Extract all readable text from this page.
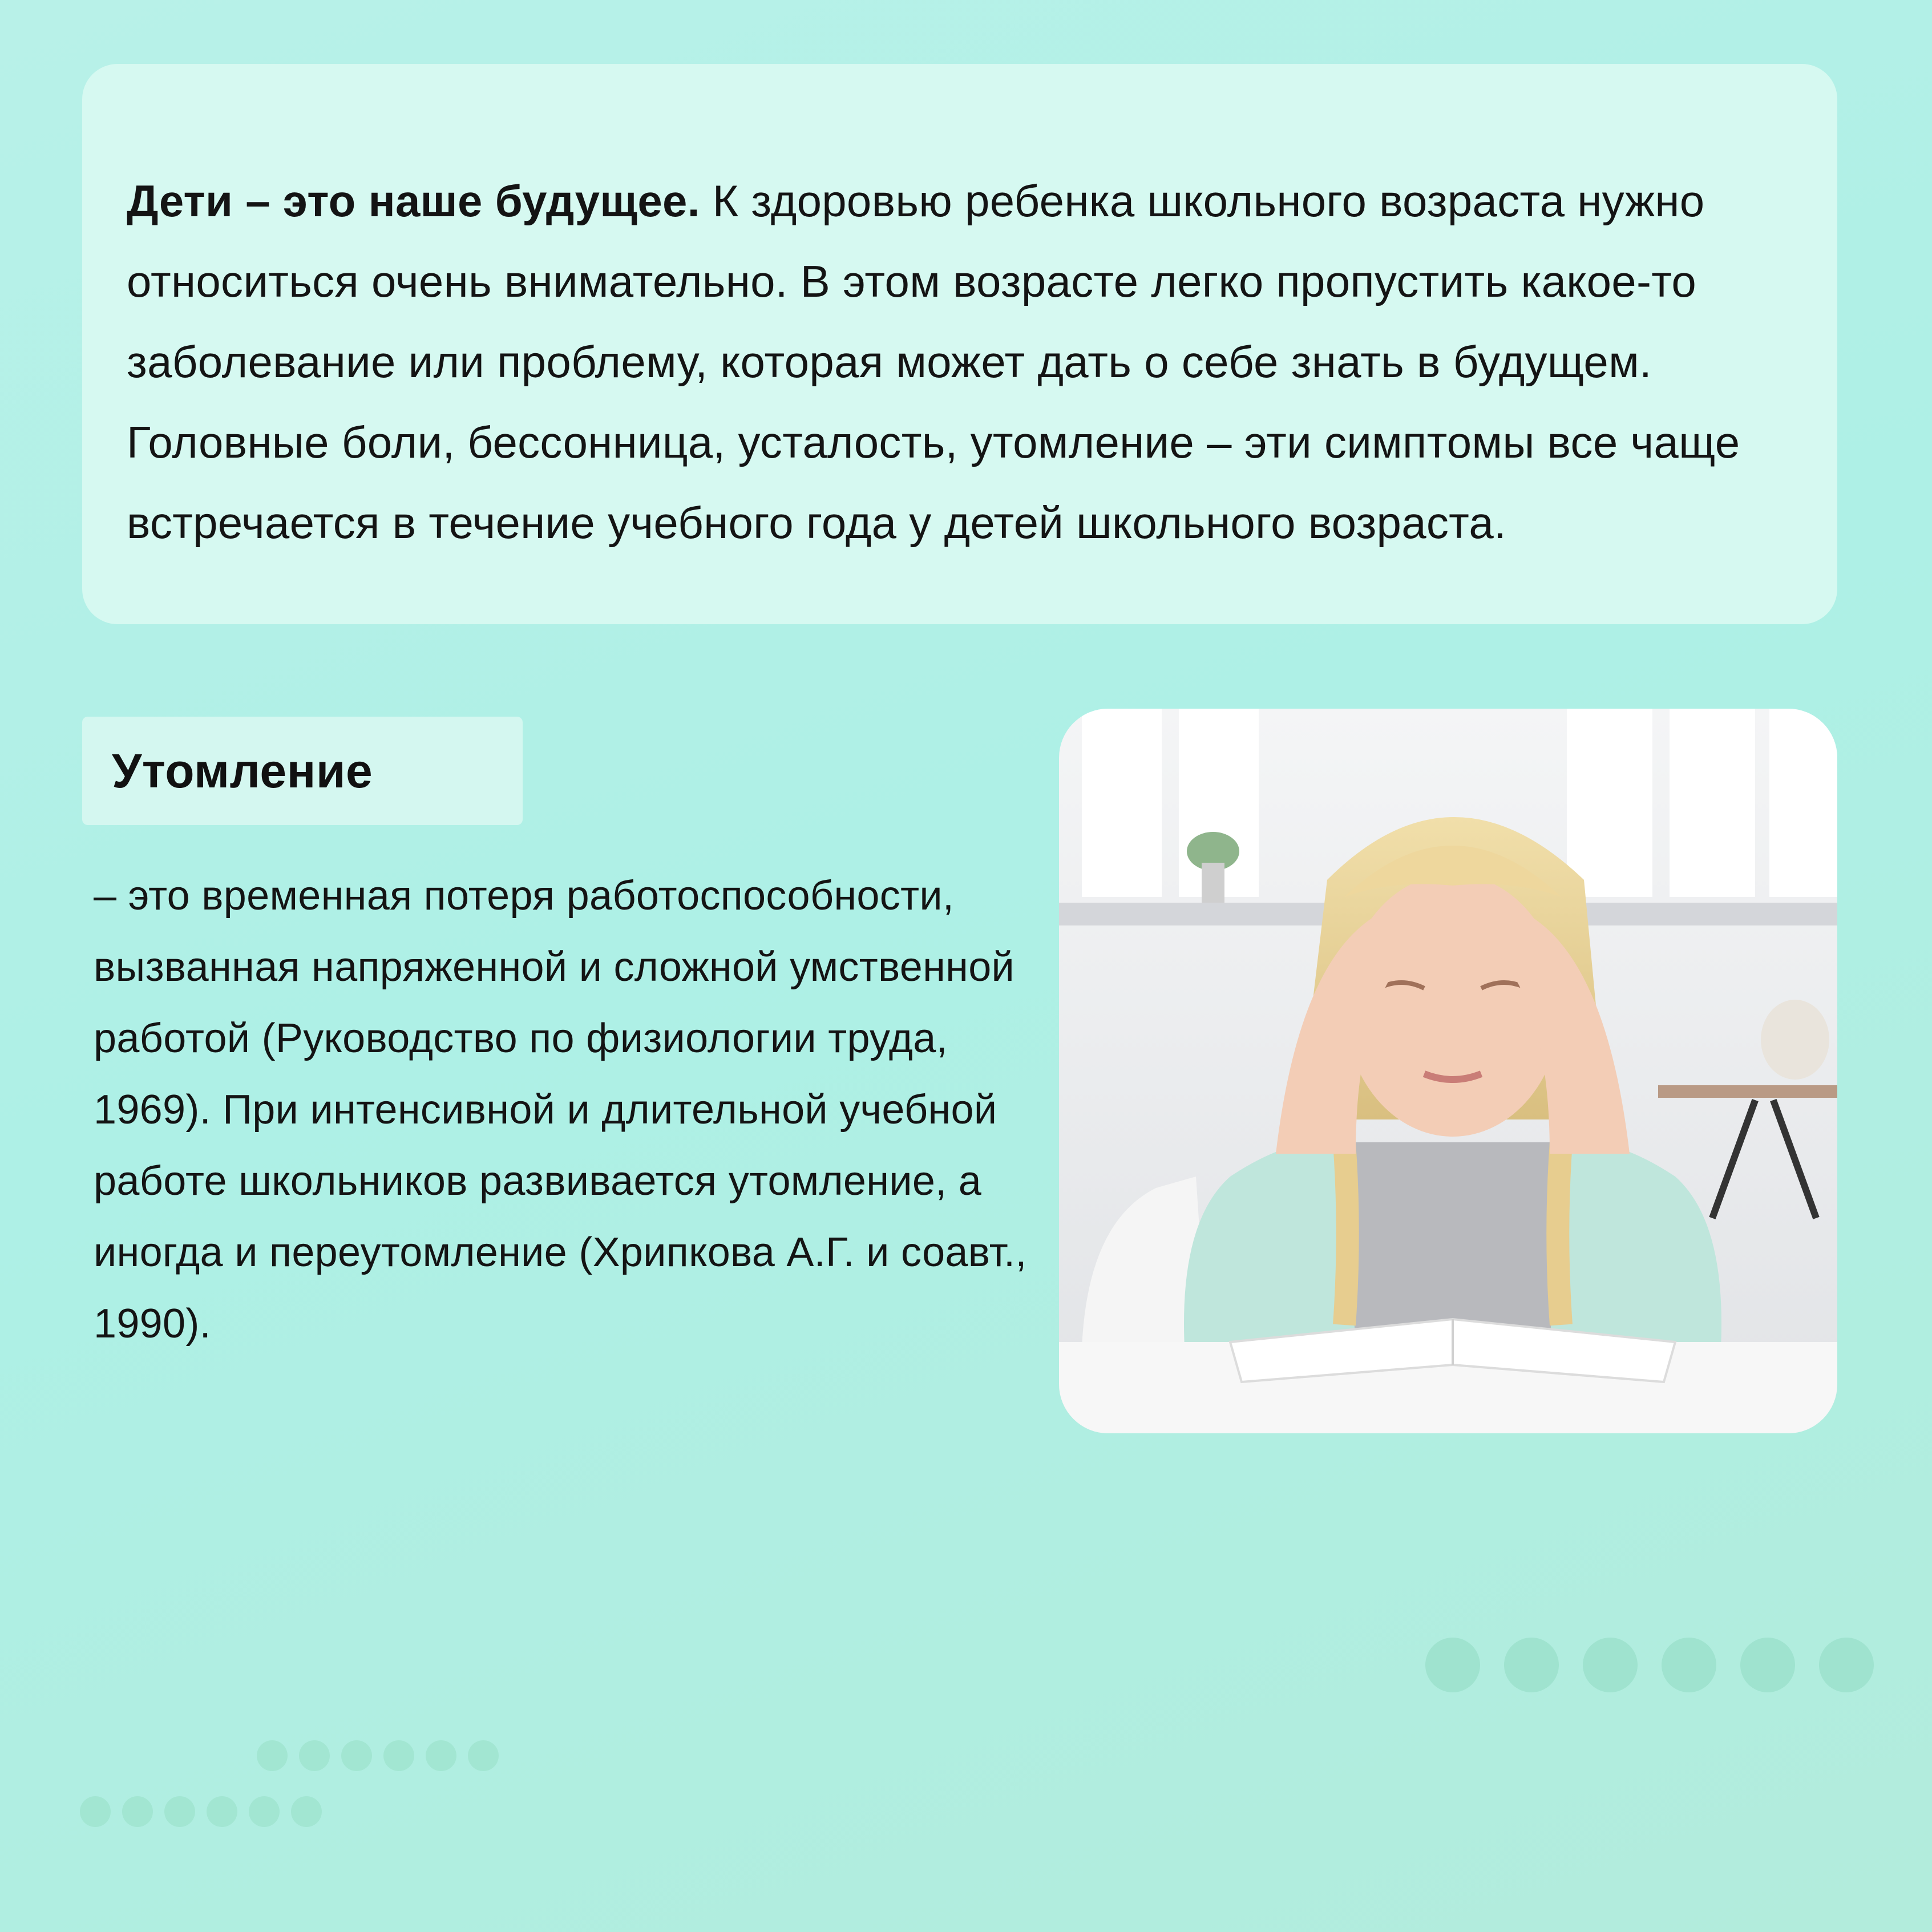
Дети – это наше будущее. К здоровью ребенка школьного возраста нужно относиться очень внимательно. В этом возрасте легко пропустить какое-то заболевание или проблему, которая может дать о себе знать в будущем. Головные боли, бессонница, усталость, утомление – эти симптомы все чаще встречается в течение учебного года у детей школьного возраста.

Утомление

– это временная потеря работоспособности, вызванная напряженной и сложной умственной работой (Руководство по физиологии труда, 1969). При интенсивной и длительной учебной работе школьников развивается утомление, а иногда и переутомление (Хрипкова А.Г. и соавт., 1990).
